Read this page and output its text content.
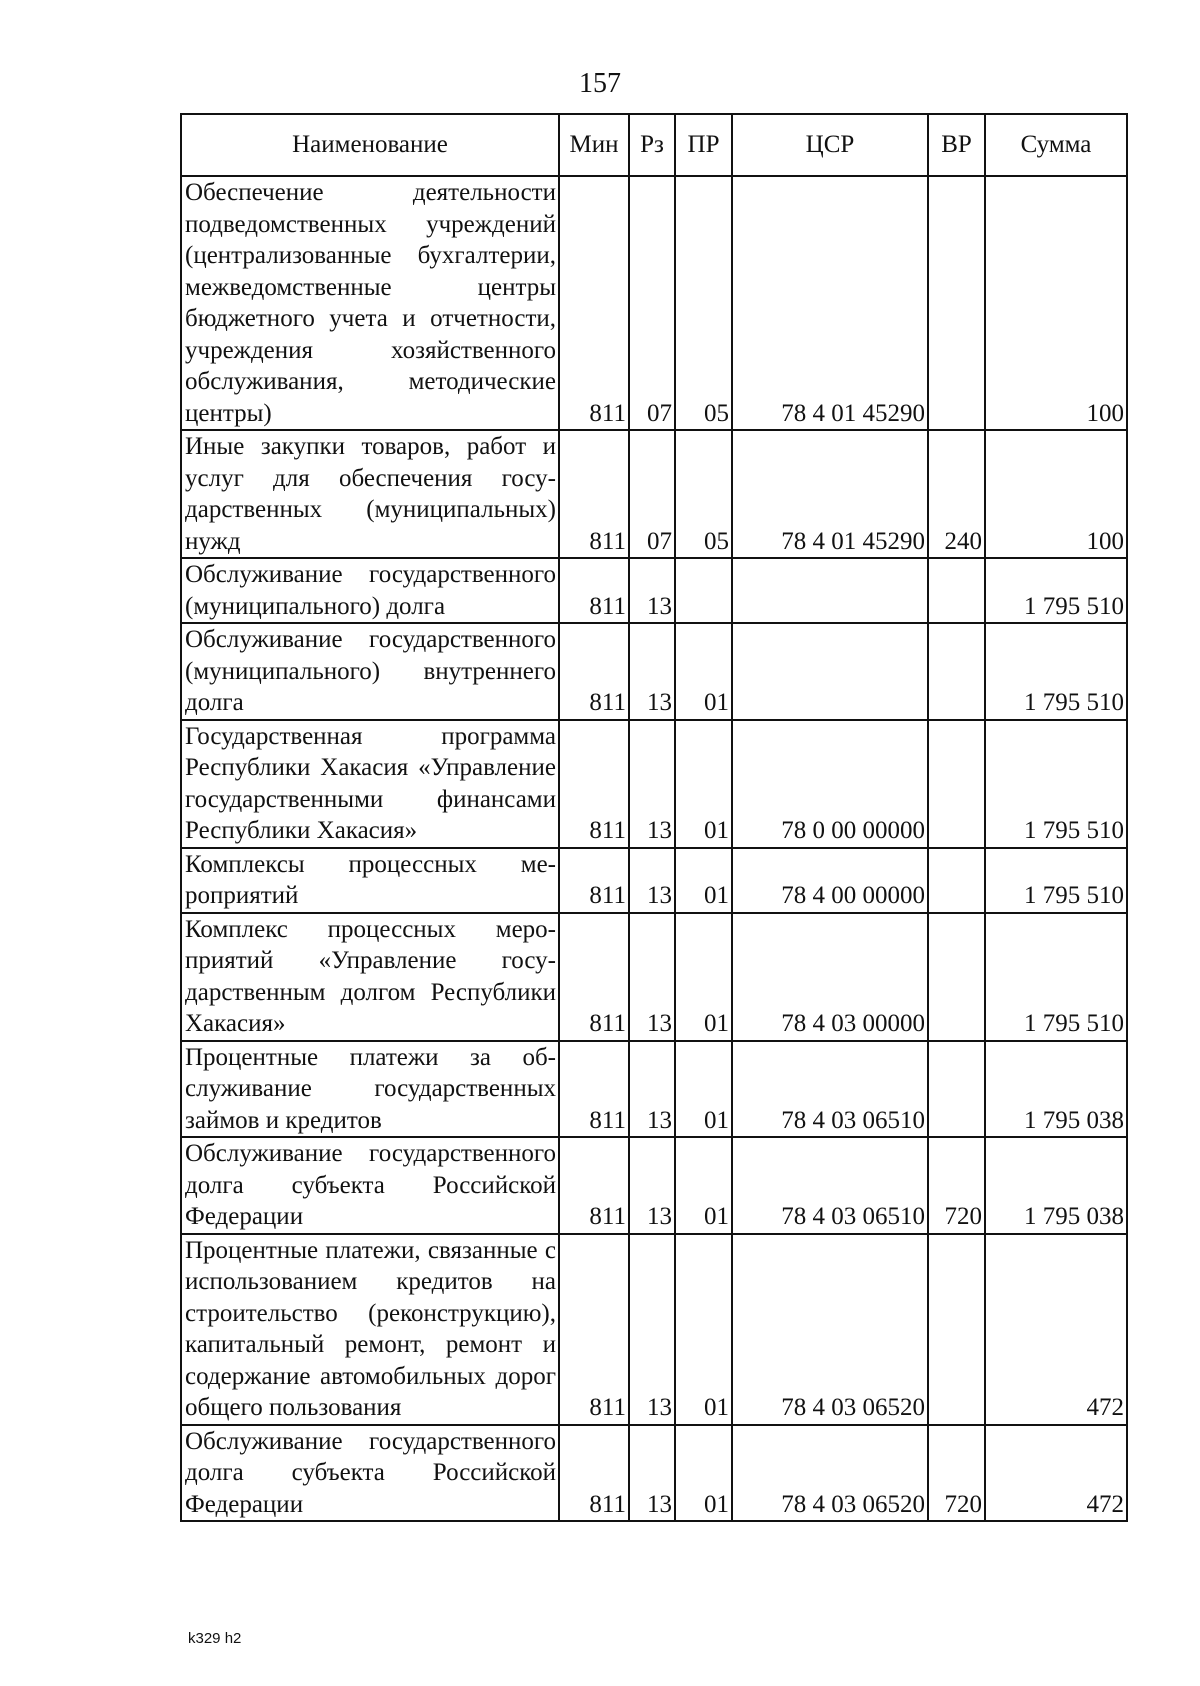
157
Наименование	Мин	Рз	ПР	ЦСР	ВР	Сумма
Обеспечение деятельности подведомственных учреждений (централизованные бухгалтерии, межведомственные центры бюджетного учета и отчетности, учреждения хозяйственного обслуживания, методические центры)	811	07	05	78 4 01 45290		100
Иные закупки товаров, работ и услуг для обеспечения государственных (муниципальных) нужд	811	07	05	78 4 01 45290	240	100
Обслуживание государственного (муниципального) долга	811	13				1 795 510
Обслуживание государственного (муниципального) внутреннего долга	811	13	01			1 795 510
Государственная программа Республики Хакасия «Управление государственными финансами Республики Хакасия»	811	13	01	78 0 00 00000		1 795 510
Комплексы процессных мероприятий	811	13	01	78 4 00 00000		1 795 510
Комплекс процессных мероприятий «Управление государственным долгом Республики Хакасия»	811	13	01	78 4 03 00000		1 795 510
Процентные платежи за обслуживание государственных займов и кредитов	811	13	01	78 4 03 06510		1 795 038
Обслуживание государственного долга субъекта Российской Федерации	811	13	01	78 4 03 06510	720	1 795 038
Процентные платежи, связанные с использованием кредитов на строительство (реконструкцию), капитальный ремонт, ремонт и содержание автомобильных дорог общего пользования	811	13	01	78 4 03 06520		472
Обслуживание государственного долга субъекта Российской Федерации	811	13	01	78 4 03 06520	720	472
k329 h2
